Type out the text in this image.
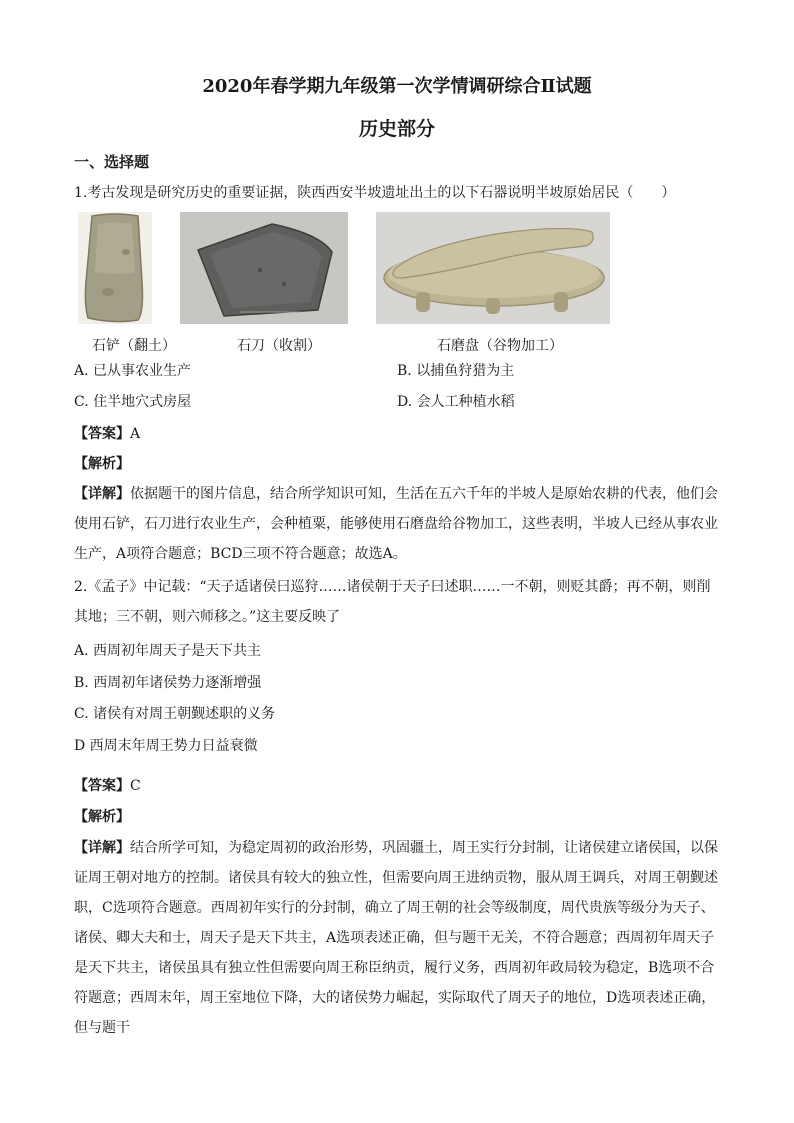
2020年春学期九年级第一次学情调研综合Ⅱ试题
历史部分
一、选择题
1.考古发现是研究历史的重要证据，陕西西安半坡遗址出土的以下石器说明半坡原始居民（　　）
石铲（翻土）	石刀（收割）	石磨盘（谷物加工）
A. 已从事农业生产	B. 以捕鱼狩猎为主
C. 住半地穴式房屋	D. 会人工种植水稻
【答案】A
【解析】
【详解】依据题干的图片信息，结合所学知识可知，生活在五六千年的半坡人是原始农耕的代表，他们会使用石铲，石刀进行农业生产，会种植粟，能够使用石磨盘给谷物加工，这些表明，半坡人已经从事农业生产，A项符合题意；BCD三项不符合题意；故选A。
2.《孟子》中记载：“天子适诸侯曰巡狩……诸侯朝于天子曰述职……一不朝，则贬其爵；再不朝，则削其地；三不朝，则六师移之。”这主要反映了
A. 西周初年周天子是天下共主
B. 西周初年诸侯势力逐渐增强
C. 诸侯有对周王朝觐述职的义务
D 西周末年周王势力日益衰微
【答案】C
【解析】
【详解】结合所学可知，为稳定周初的政治形势，巩固疆土，周王实行分封制，让诸侯建立诸侯国，以保证周王朝对地方的控制。诸侯具有较大的独立性，但需要向周王进纳贡物，服从周王调兵，对周王朝觐述职，C选项符合题意。西周初年实行的分封制，确立了周王朝的社会等级制度，周代贵族等级分为天子、诸侯、卿大夫和士，周天子是天下共主，A选项表述正确，但与题干无关，不符合题意；西周初年周天子是天下共主，诸侯虽具有独立性但需要向周王称臣纳贡，履行义务，西周初年政局较为稳定，B选项不合符题意；西周末年，周王室地位下降，大的诸侯势力崛起，实际取代了周天子的地位，D选项表述正确，但与题干
